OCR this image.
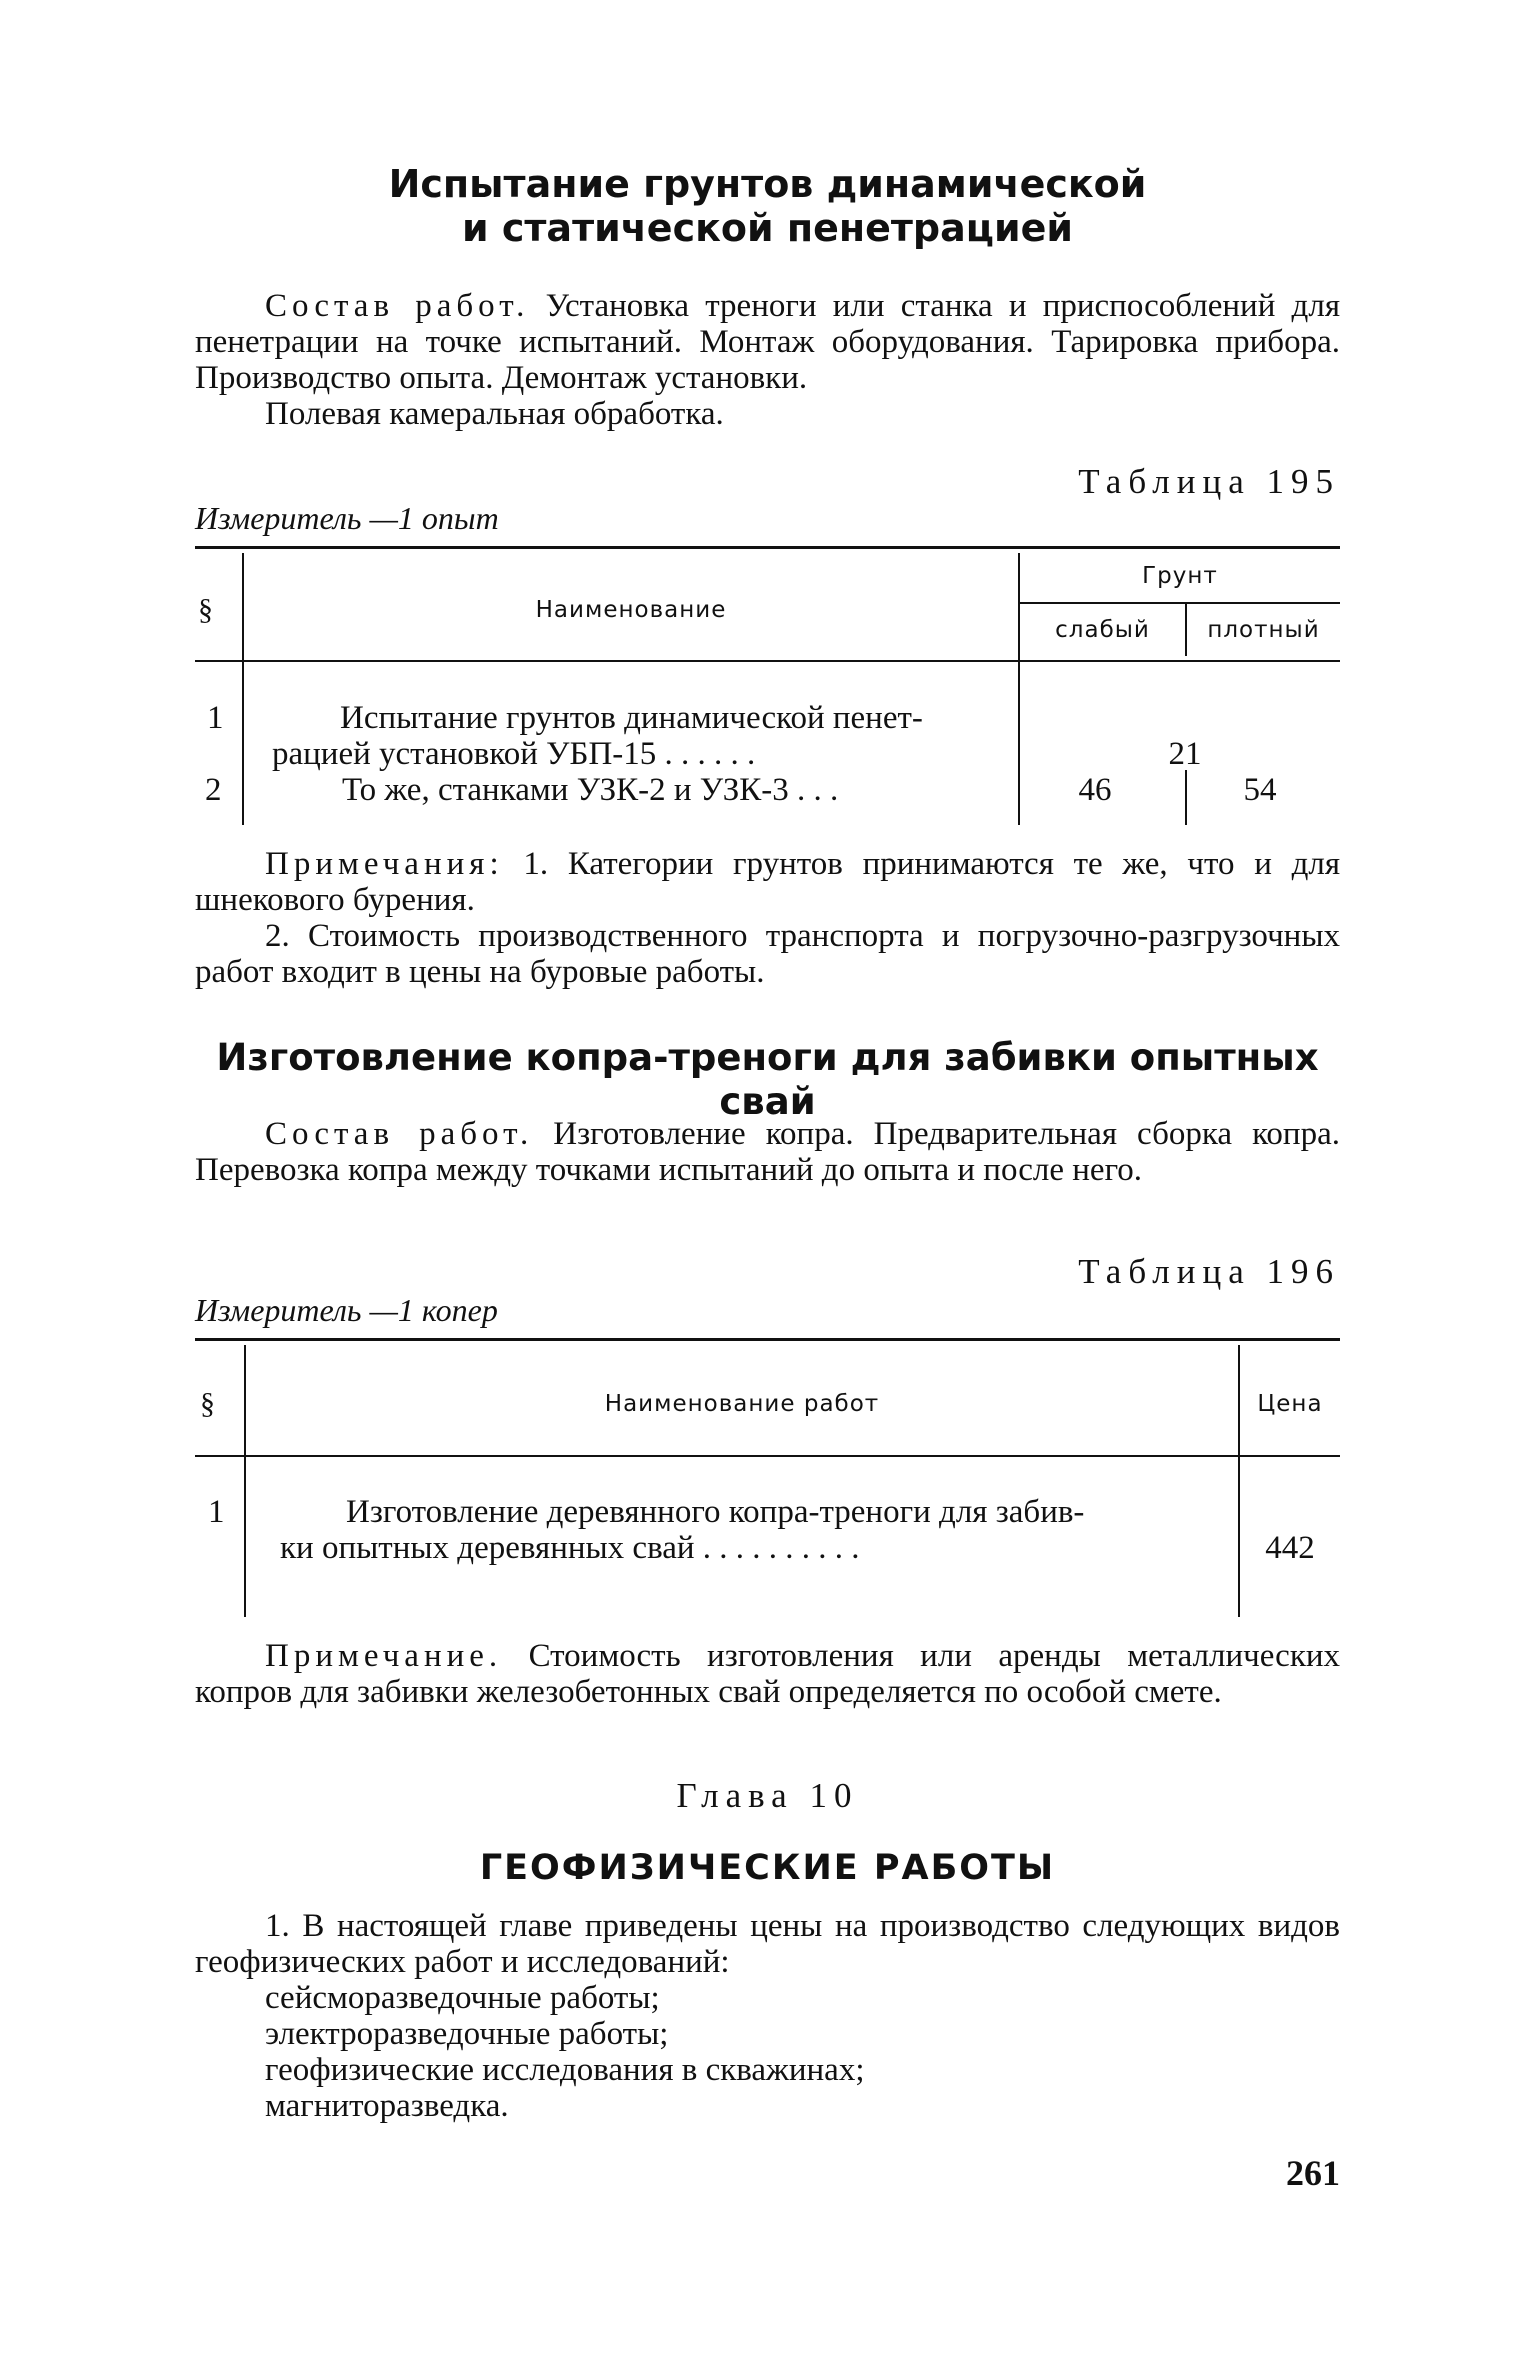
Испытание грунтов динамической
и статической пенетрацией

Состав работ. Установка треноги или станка и приспособлений для пенетрации на точке испытаний. Монтаж оборудования. Тарировка прибора. Производство опыта. Демонтаж установки.

Полевая камеральная обработка.

Таблица 195
Измеритель —1 опыт
§	Наименование
Грунт
слабый	плотный
1	Испытание грунтов динамической пенет-
рацией установкой УБП-15 . . . . . .	21
2	То же, станками УЗК-2 и УЗК-3 . . .	46	54

Примечания: 1. Категории грунтов принимаются те же, что и для шнекового бурения.

2. Стоимость производственного транспорта и погрузочно-разгрузочных работ входит в цены на буровые работы.

Изготовление копра-треноги для забивки опытных свай

Состав работ. Изготовление копра. Предварительная сборка копра. Перевозка копра между точками испытаний до опыта и после него.

Таблица 196
Измеритель —1 копер
§	Наименование работ	Цена
1	Изготовление деревянного копра-треноги для забив-
ки опытных деревянных свай . . . . . . . . . .	442

Примечание. Стоимость изготовления или аренды металлических копров для забивки железобетонных свай определяется по особой смете.

Глава 10
ГЕОФИЗИЧЕСКИЕ РАБОТЫ

1. В настоящей главе приведены цены на производство следующих видов геофизических работ и исследований:

сейсморазведочные работы;
электроразведочные работы;
геофизические исследования в скважинах;
магниторазведка.
261
